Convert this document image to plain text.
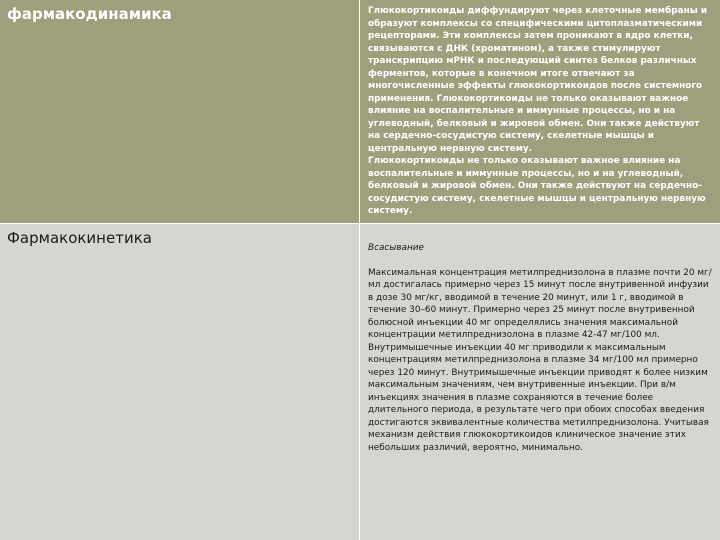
фармакодинамика	Глюкокортикоиды диффундируют через клеточные мембраны и образуют комплексы со специфическими цитоплазматическими рецепторами. Эти комплексы затем проникают в ядро клетки, связываются с ДНК (хроматином), а также стимулируют транскрипцию мРНК и последующий синтез белков различных ферментов, которые в конечном итоге отвечают за многочисленные эффекты глюкокортикоидов после системного применения. Глюкокортикоиды не только оказывают важное влияние на воспалительные и иммунные процессы, но и на углеводный, белковый и жировой обмен. Они также действуют на сердечно-сосудистую систему, скелетные мышцы и центральную нервную систему.
Глюкокортикоиды не только оказывают важное влияние на воспалительные и иммунные процессы, но и на углеводный, белковый и жировой обмен. Они также действуют на сердечно-сосудистую систему, скелетные мышцы и центральную нервную систему.
Фармакокинетика

Всасывание

Максимальная концентрация метилпреднизолона в плазме почти 20 мг/мл достигалась примерно через 15 минут после внутривенной инфузии в дозе 30 мг/кг, вводимой в течение 20 минут, или 1 г, вводимой в течение 30–60 минут. Примерно через 25 минут после внутривенной болюсной инъекции 40 мг определялись значения максимальной концентрации метилпреднизолона в плазме 42-47 мг/100 мл. Внутримышечные инъекции 40 мг приводили к максимальным концентрациям метилпреднизолона в плазме 34 мг/100 мл примерно через 120 минут. Внутримышечные инъекции приводят к более низким максимальным значениям, чем внутривенные инъекции. При в/м инъекциях значения в плазме сохраняются в течение более длительного периода, в результате чего при обоих способах введения достигаются эквивалентные количества метилпреднизолона. Учитывая механизм действия глюкокортикоидов клиническое значение этих небольших различий, вероятно, минимально.
